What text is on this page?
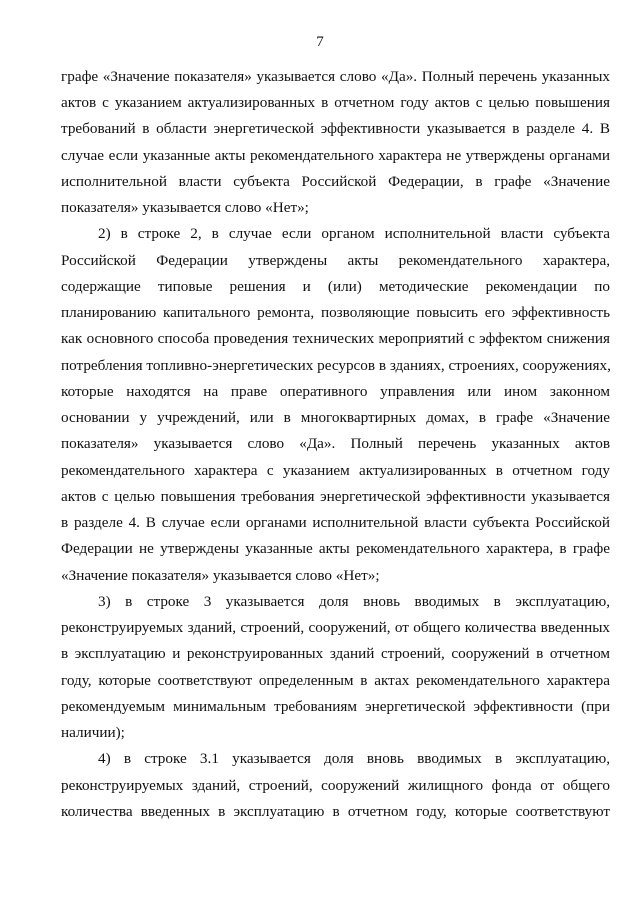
7
графе «Значение показателя» указывается слово «Да». Полный перечень указанных
актов с указанием актуализированных в отчетном году актов с целью повышения
требований в области энергетической эффективности указывается в разделе 4. В
случае если указанные акты рекомендательного характера не утверждены органами
исполнительной власти субъекта Российской Федерации, в графе «Значение
показателя» указывается слово «Нет»;
2) в строке 2, в случае если органом исполнительной власти субъекта
Российской Федерации утверждены акты рекомендательного характера,
содержащие типовые решения и (или) методические рекомендации по
планированию капитального ремонта, позволяющие повысить его эффективность
как основного способа проведения технических мероприятий с эффектом снижения
потребления топливно-энергетических ресурсов в зданиях, строениях, сооружениях,
которые находятся на праве оперативного управления или ином законном
основании у учреждений, или в многоквартирных домах, в графе «Значение
показателя» указывается слово «Да». Полный перечень указанных актов
рекомендательного характера с указанием актуализированных в отчетном году
актов с целью повышения требования энергетической эффективности указывается
в разделе 4. В случае если органами исполнительной власти субъекта Российской
Федерации не утверждены указанные акты рекомендательного характера, в графе
«Значение показателя» указывается слово «Нет»;
3) в строке 3 указывается доля вновь вводимых в эксплуатацию,
реконструируемых зданий, строений, сооружений, от общего количества введенных
в эксплуатацию и реконструированных зданий строений, сооружений в отчетном
году, которые соответствуют определенным в актах рекомендательного характера
рекомендуемым минимальным требованиям энергетической эффективности (при
наличии);
4) в строке 3.1 указывается доля вновь вводимых в эксплуатацию,
реконструируемых зданий, строений, сооружений жилищного фонда от общего
количества введенных в эксплуатацию в отчетном году, которые соответствуют
